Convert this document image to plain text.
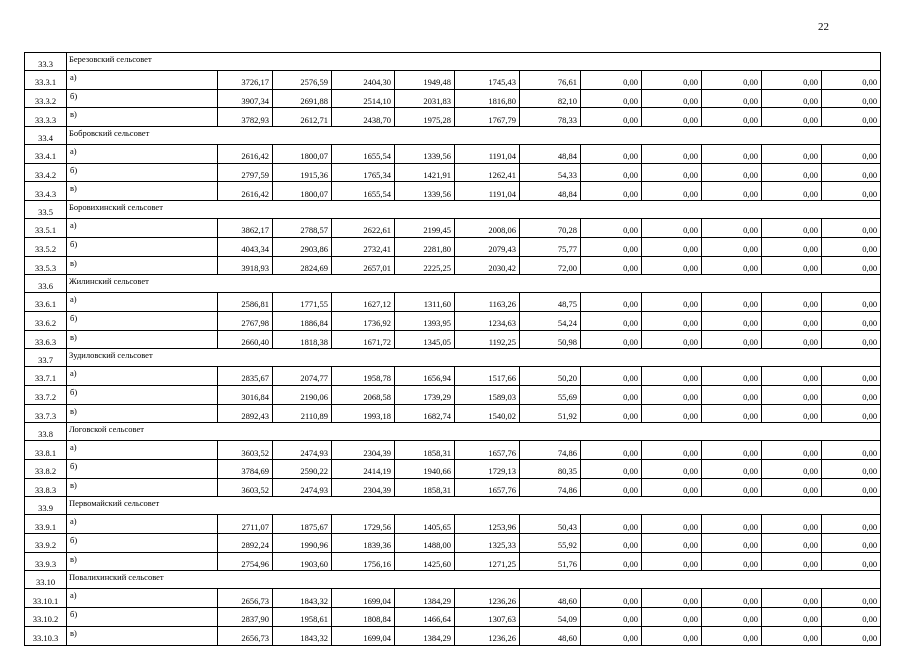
22
33.3	Березовский сельсовет											
33.3.1	а)	3726,17	2576,59	2404,30	1949,48	1745,43	76,61	0,00	0,00	0,00	0,00	0,00
33.3.2	б)	3907,34	2691,88	2514,10	2031,83	1816,80	82,10	0,00	0,00	0,00	0,00	0,00
33.3.3	в)	3782,93	2612,71	2438,70	1975,28	1767,79	78,33	0,00	0,00	0,00	0,00	0,00
33.4	Бобровский сельсовет											
33.4.1	а)	2616,42	1800,07	1655,54	1339,56	1191,04	48,84	0,00	0,00	0,00	0,00	0,00
33.4.2	б)	2797,59	1915,36	1765,34	1421,91	1262,41	54,33	0,00	0,00	0,00	0,00	0,00
33.4.3	в)	2616,42	1800,07	1655,54	1339,56	1191,04	48,84	0,00	0,00	0,00	0,00	0,00
33.5	Боровихинский сельсовет											
33.5.1	а)	3862,17	2788,57	2622,61	2199,45	2008,06	70,28	0,00	0,00	0,00	0,00	0,00
33.5.2	б)	4043,34	2903,86	2732,41	2281,80	2079,43	75,77	0,00	0,00	0,00	0,00	0,00
33.5.3	в)	3918,93	2824,69	2657,01	2225,25	2030,42	72,00	0,00	0,00	0,00	0,00	0,00
33.6	Жилинский сельсовет											
33.6.1	а)	2586,81	1771,55	1627,12	1311,60	1163,26	48,75	0,00	0,00	0,00	0,00	0,00
33.6.2	б)	2767,98	1886,84	1736,92	1393,95	1234,63	54,24	0,00	0,00	0,00	0,00	0,00
33.6.3	в)	2660,40	1818,38	1671,72	1345,05	1192,25	50,98	0,00	0,00	0,00	0,00	0,00
33.7	Зудиловский сельсовет											
33.7.1	а)	2835,67	2074,77	1958,78	1656,94	1517,66	50,20	0,00	0,00	0,00	0,00	0,00
33.7.2	б)	3016,84	2190,06	2068,58	1739,29	1589,03	55,69	0,00	0,00	0,00	0,00	0,00
33.7.3	в)	2892,43	2110,89	1993,18	1682,74	1540,02	51,92	0,00	0,00	0,00	0,00	0,00
33.8	Логовской сельсовет											
33.8.1	а)	3603,52	2474,93	2304,39	1858,31	1657,76	74,86	0,00	0,00	0,00	0,00	0,00
33.8.2	б)	3784,69	2590,22	2414,19	1940,66	1729,13	80,35	0,00	0,00	0,00	0,00	0,00
33.8.3	в)	3603,52	2474,93	2304,39	1858,31	1657,76	74,86	0,00	0,00	0,00	0,00	0,00
33.9	Первомайский сельсовет											
33.9.1	а)	2711,07	1875,67	1729,56	1405,65	1253,96	50,43	0,00	0,00	0,00	0,00	0,00
33.9.2	б)	2892,24	1990,96	1839,36	1488,00	1325,33	55,92	0,00	0,00	0,00	0,00	0,00
33.9.3	в)	2754,96	1903,60	1756,16	1425,60	1271,25	51,76	0,00	0,00	0,00	0,00	0,00
33.10	Повалихинский сельсовет											
33.10.1	а)	2656,73	1843,32	1699,04	1384,29	1236,26	48,60	0,00	0,00	0,00	0,00	0,00
33.10.2	б)	2837,90	1958,61	1808,84	1466,64	1307,63	54,09	0,00	0,00	0,00	0,00	0,00
33.10.3	в)	2656,73	1843,32	1699,04	1384,29	1236,26	48,60	0,00	0,00	0,00	0,00	0,00
